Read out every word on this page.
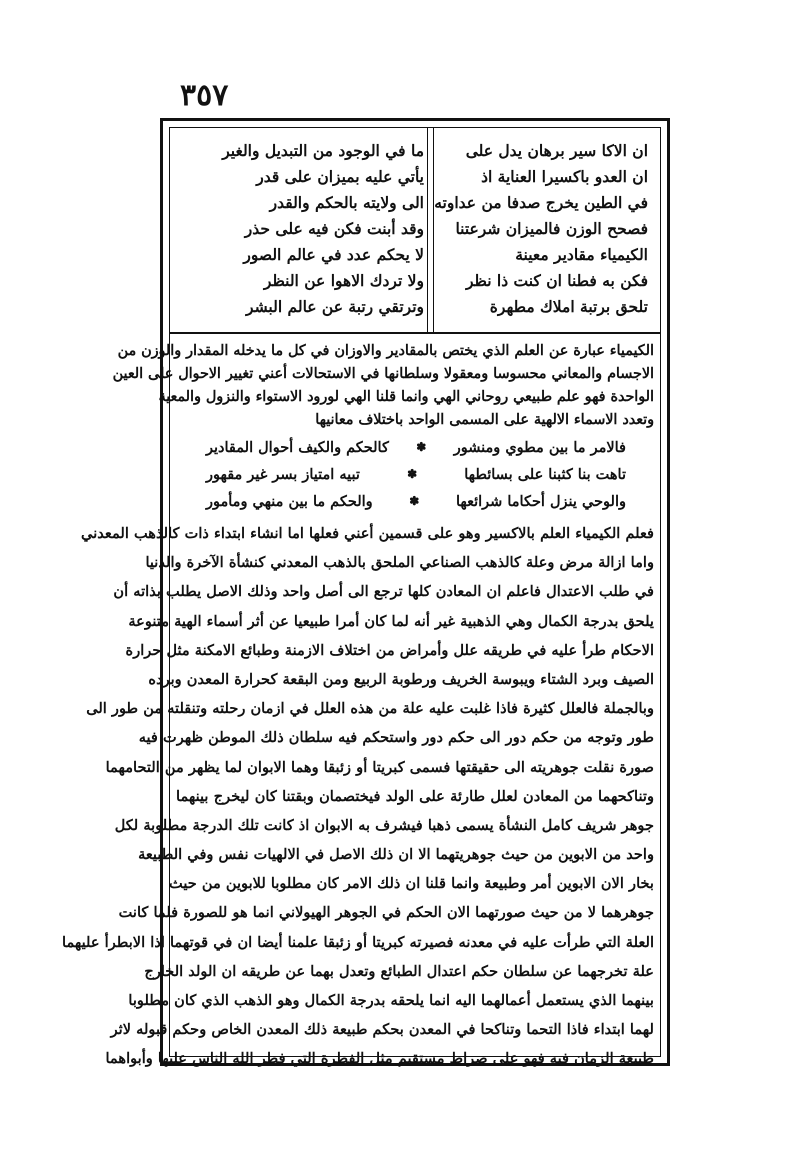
٣٥٧
ان الاكا سير برهان يدل على
ان العدو باكسيرا العناية اذ
في الطين يخرج صدفا من عداوته
فصحح الوزن فالميزان شرعتنا
الكيمياء مقادير معينة
فكن به فطنا ان كنت ذا نظر
تلحق برتبة املاك مطهرة
ما في الوجود من التبديل والغير
يأتي عليه بميزان على قدر
الى ولايته بالحكم والقدر
وقد أبنت فكن فيه على حذر
لا يحكم عدد في عالم الصور
ولا تردك الاهوا عن النظر
وترتقي رتبة عن عالم البشر
الكيمياء عبارة عن العلم الذي يختص بالمقادير والاوزان في كل ما يدخله المقدار والوزن من
الاجسام والمعاني محسوسا ومعقولا وسلطانها في الاستحالات أعني تغيير الاحوال على العين
الواحدة فهو علم طبيعي روحاني الهي وانما قلنا الهي لورود الاستواء والنزول والمعية
وتعدد الاسماء الالهية على المسمى الواحد باختلاف معانيها
فالامر ما بين مطوي ومنشور
✽
كالحكم والكيف أحوال المقادير
تاهت بنا كثبنا على بسائطها
✽
تبيه امتياز بسر غير مقهور
والوحي ينزل أحكاما شرائعها
✽
والحكم ما بين منهي ومأمور
فعلم الكيمياء العلم بالاكسير وهو على قسمين أعني فعلها اما انشاء ابتداء ذات كالذهب المعدني
واما ازالة مرض وعلة كالذهب الصناعي الملحق بالذهب المعدني كنشأة الآخرة والدنيا
في طلب الاعتدال فاعلم ان المعادن كلها ترجع الى أصل واحد وذلك الاصل يطلب بذاته أن
يلحق بدرجة الكمال وهي الذهبية غير أنه لما كان أمرا طبيعيا عن أثر أسماء الهية متنوعة
الاحكام طرأ عليه في طريقه علل وأمراض من اختلاف الازمنة وطبائع الامكنة مثل حرارة
الصيف وبرد الشتاء ويبوسة الخريف ورطوبة الربيع ومن البقعة كحرارة المعدن وبرده
وبالجملة فالعلل كثيرة فاذا غلبت عليه علة من هذه العلل في ازمان رحلته وتنقلته من طور الى
طور وتوجه من حكم دور الى حكم دور واستحكم فيه سلطان ذلك الموطن ظهرت فيه
صورة نقلت جوهريته الى حقيقتها فسمى كبريتا أو زئبقا وهما الابوان لما يظهر من التحامهما
وتناكحهما من المعادن لعلل طارئة على الولد فيختصمان وبقتنا كان ليخرج بينهما
جوهر شريف كامل النشأة يسمى ذهبا فيشرف به الابوان اذ كانت تلك الدرجة مطلوبة لكل
واحد من الابوين من حيث جوهريتهما الا ان ذلك الاصل في الالهيات نفس وفي الطبيعة
بخار الان الابوين أمر وطبيعة وانما قلنا ان ذلك الامر كان مطلوبا للابوين من حيث
جوهرهما لا من حيث صورتهما الان الحكم في الجوهر الهيولاني انما هو للصورة فلما كانت
العلة التي طرأت عليه في معدنه فصيرته كبريتا أو زئبقا علمنا أيضا ان في قوتهما اذا الابطرأ عليهما
علة تخرجهما عن سلطان حكم اعتدال الطبائع وتعدل بهما عن طريقه ان الولد الخارج
بينهما الذي يستعمل أعمالهما اليه انما يلحقه بدرجة الكمال وهو الذهب الذي كان مطلوبا
لهما ابتداء فاذا التحما وتناكحا في المعدن بحكم طبيعة ذلك المعدن الخاص وحكم قبوله لاثر
طبيعة الزمان فيه فهو على صراط مستقيم مثل الفطرة التي فطر الله الناس عليها وأبواهما
